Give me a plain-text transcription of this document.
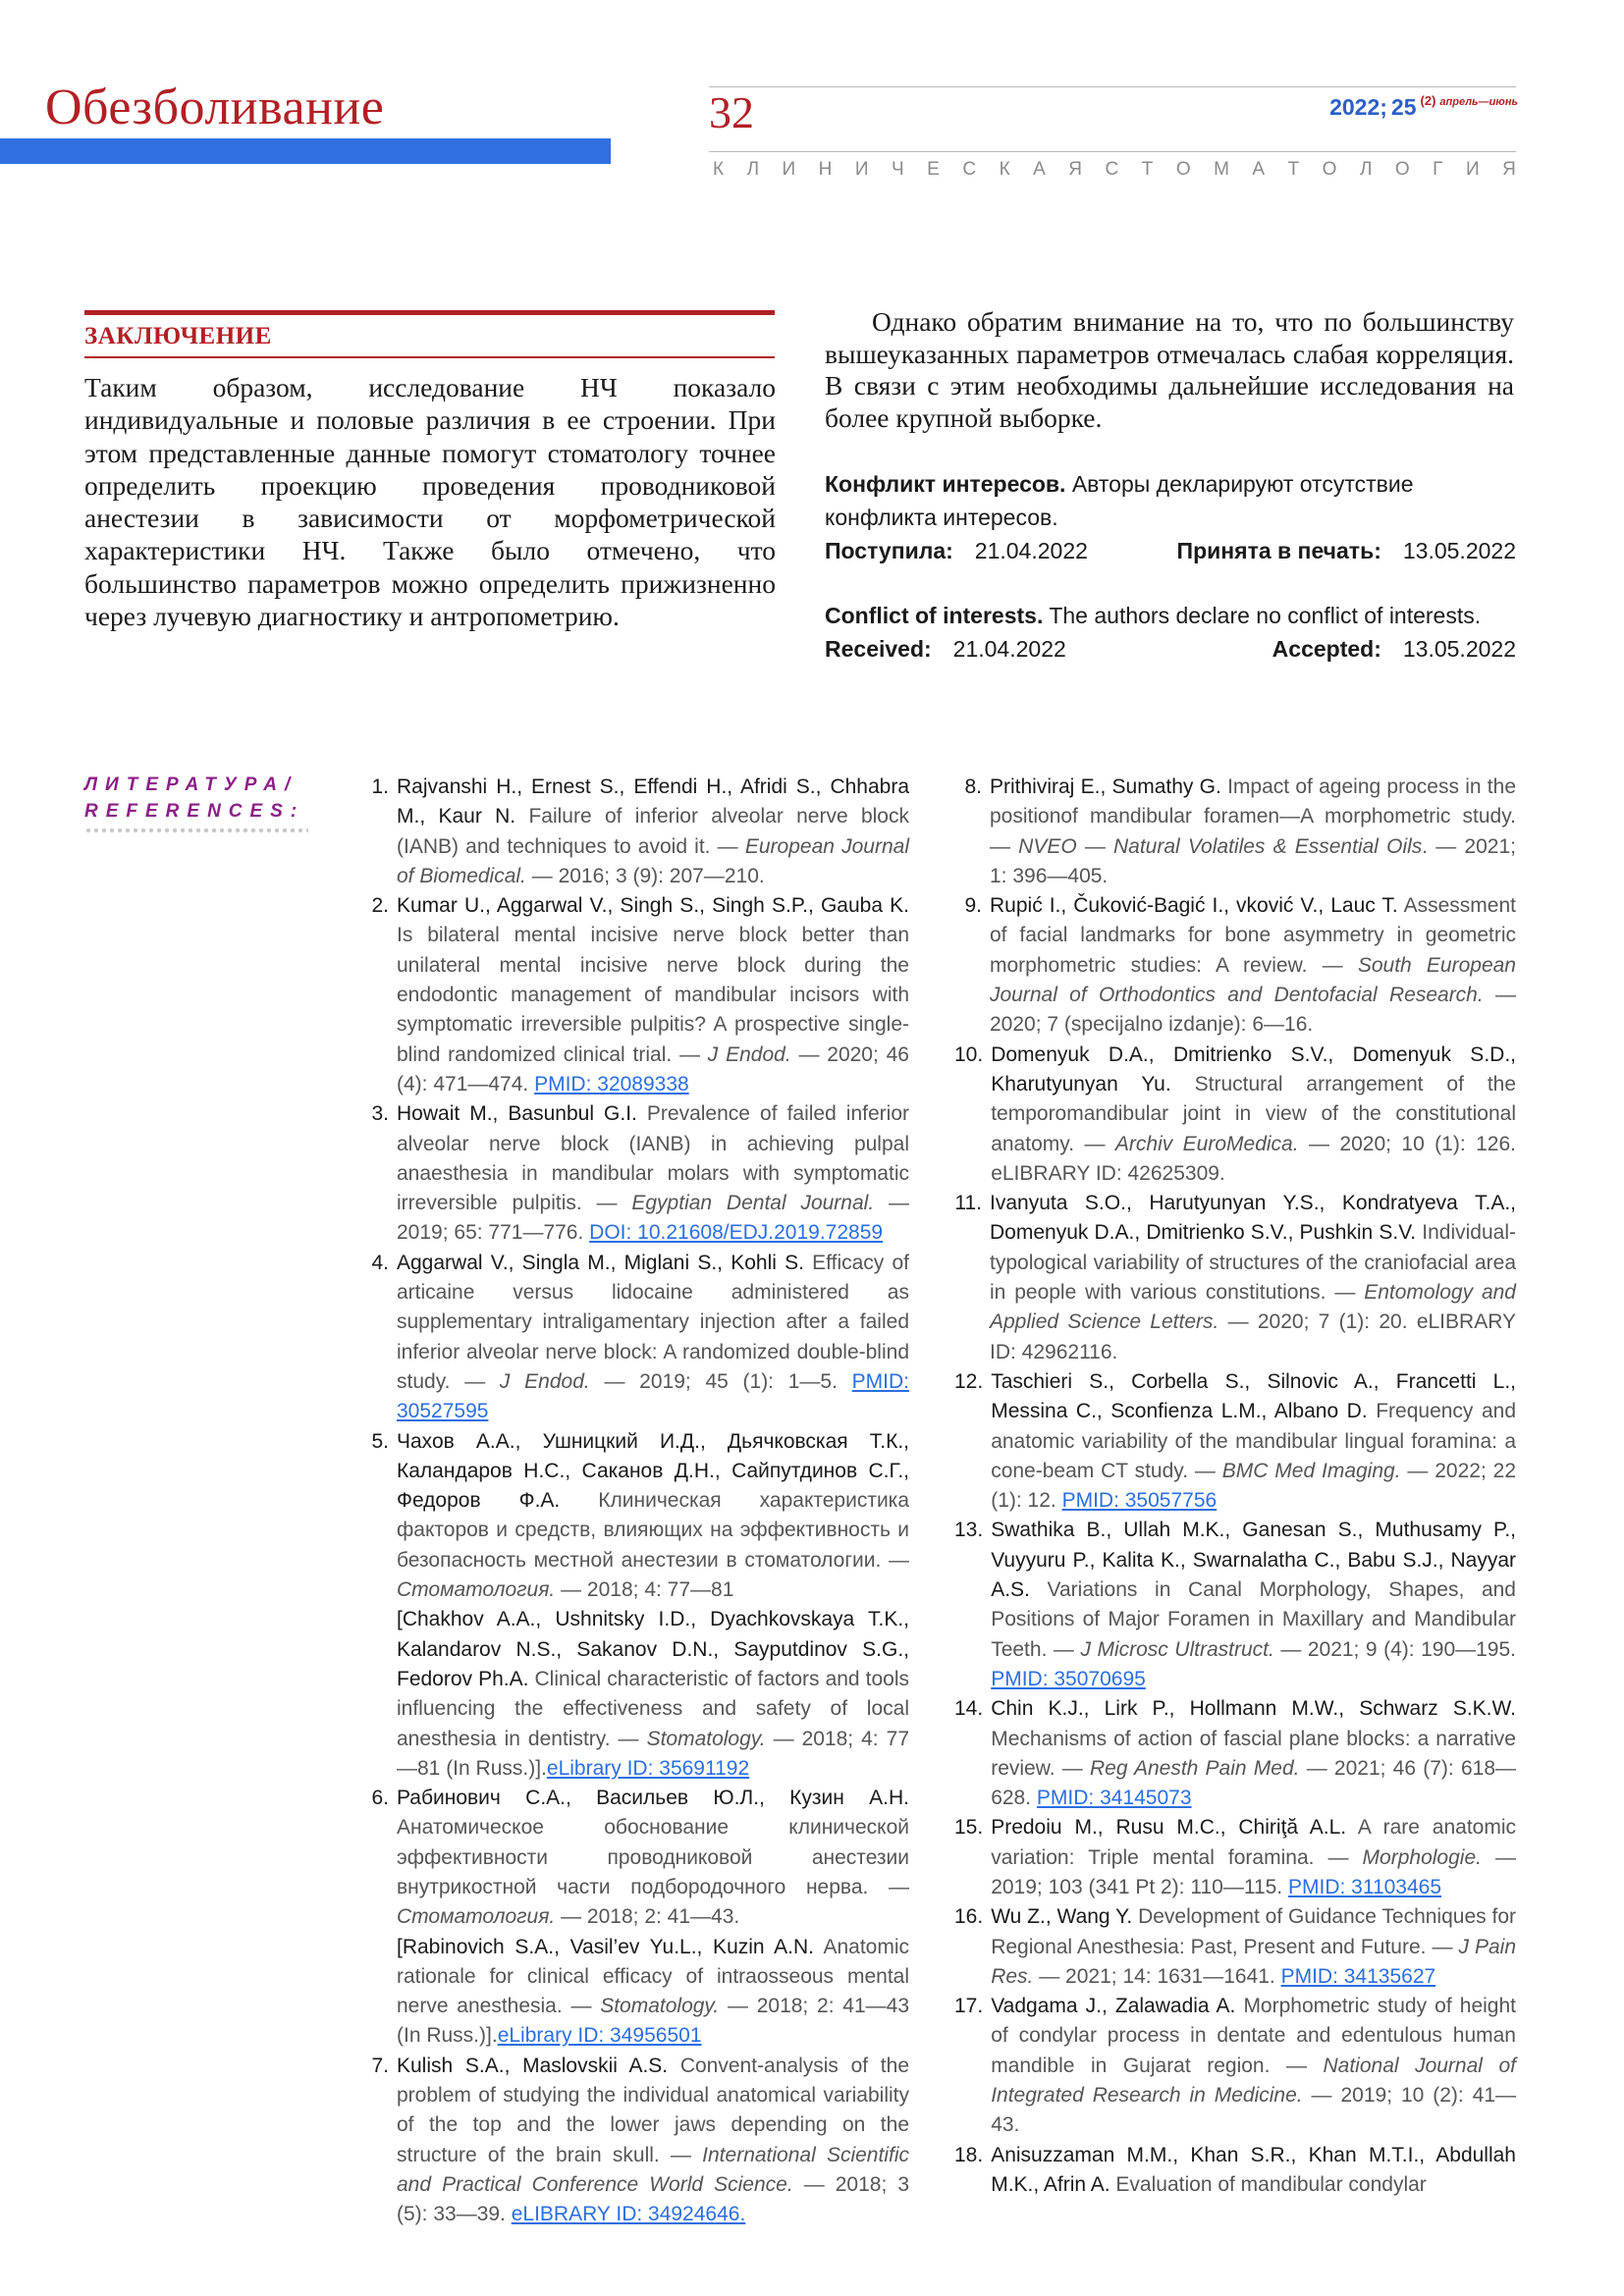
Обезболивание	32	2022; 25 (2) апрель—июнь
К Л И Н И Ч Е С К А Я С Т О М А Т О Л О Г И Я
ЗАКЛЮЧЕНИЕ
Таким образом, исследование НЧ показало индивидуальные и половые различия в ее строении. При этом представленные данные помогут стоматологу точнее определить проекцию проведения проводниковой анестезии в зависимости от морфометрической характеристики НЧ. Также было отмечено, что большинство параметров можно определить прижизненно через лучевую диагностику и антропометрию.
Однако обратим внимание на то, что по большинству вышеуказанных параметров отмечалась слабая корреляция. В связи с этим необходимы дальнейшие исследования на более крупной выборке.
Конфликт интересов. Авторы декларируют отсутствие конфликта интересов.
Поступила: 21.04.2022	Принята в печать: 13.05.2022
Conflict of interests. The authors declare no conflict of interests.
Received: 21.04.2022	Accepted: 13.05.2022
ЛИТЕРАТУРА/
REFERENCES:
1. Rajvanshi H., Ernest S., Effendi H., Afridi S., Chhabra M., Kaur N. Failure of inferior alveolar nerve block (IANB) and techniques to avoid it. — European Journal of Biomedical. — 2016; 3 (9): 207—210.
2. Kumar U., Aggarwal V., Singh S., Singh S.P., Gauba K. Is bilateral mental incisive nerve block better than unilateral mental incisive nerve block during the endodontic management of mandibular incisors with symptomatic irreversible pulpitis? A prospective single-blind randomized clinical trial. — J Endod. — 2020; 46 (4): 471—474. PMID: 32089338
3. Howait M., Basunbul G.I. Prevalence of failed inferior alveolar nerve block (IANB) in achieving pulpal anaesthesia in mandibular molars with symptomatic irreversible pulpitis. — Egyptian Dental Journal. — 2019; 65: 771—776. DOI: 10.21608/EDJ.2019.72859
4. Aggarwal V., Singla M., Miglani S., Kohli S. Efficacy of articaine versus lidocaine administered as supplementary intraligamentary injection after a failed inferior alveolar nerve block: A randomized double-blind study. — J Endod. — 2019; 45 (1): 1—5. PMID: 30527595
5. Чахов А.А., Ушницкий И.Д., Дьячковская Т.К., Каландаров Н.С., Саканов Д.Н., Сайпутдинов С.Г., Федоров Ф.А. Клиническая характеристика факторов и средств, влияющих на эффективность и безопасность местной анестезии в стоматологии. — Стоматология. — 2018; 4: 77—81
[Chakhov A.A., Ushnitsky I.D., Dyachkovskaya T.K., Kalandarov N.S., Sakanov D.N., Sayputdinov S.G., Fedorov Ph.A. Clinical characteristic of factors and tools influencing the effectiveness and safety of local anesthesia in dentistry. — Stomatology. — 2018; 4: 77—81 (In Russ.)].eLibrary ID: 35691192
6. Рабинович С.А., Васильев Ю.Л., Кузин А.Н. Анатомическое обоснование клинической эффективности проводниковой анестезии внутрикостной части подбородочного нерва. — Стоматология. — 2018; 2: 41—43.
[Rabinovich S.A., Vasil’ev Yu.L., Kuzin A.N. Anatomic rationale for clinical efficacy of intraosseous mental nerve anesthesia. — Stomatology. — 2018; 2: 41—43 (In Russ.)].eLibrary ID: 34956501
7. Kulish S.A., Maslovskii A.S. Convent-analysis of the problem of studying the individual anatomical variability of the top and the lower jaws depending on the structure of the brain skull. — International Scientific and Practical Conference World Science. — 2018; 3 (5): 33—39. eLIBRARY ID: 34924646.
8. Prithiviraj E., Sumathy G. Impact of ageing process in the positionof mandibular foramen—A morphometric study. — NVEO — Natural Volatiles & Essential Oils. — 2021; 1: 396—405.
9. Rupić I., Čuković-Bagić I., vković V., Lauc T. Assessment of facial landmarks for bone asymmetry in geometric morphometric studies: A review. — South European Journal of Orthodontics and Dentofacial Research. — 2020; 7 (specijalno izdanje): 6—16.
10. Domenyuk D.A., Dmitrienko S.V., Domenyuk S.D., Kharutyunyan Yu. Structural arrangement of the temporomandibular joint in view of the constitutional anatomy. — Archiv EuroMedica. — 2020; 10 (1): 126. eLIBRARY ID: 42625309.
11. Ivanyuta S.O., Harutyunyan Y.S., Kondratyeva T.A., Domenyuk D.A., Dmitrienko S.V., Pushkin S.V. Individual-typological variability of structures of the craniofacial area in people with various constitutions. — Entomology and Applied Science Letters. — 2020; 7 (1): 20. eLIBRARY ID: 42962116.
12. Taschieri S., Corbella S., Silnovic A., Francetti L., Messina C., Sconfienza L.M., Albano D. Frequency and anatomic variability of the mandibular lingual foramina: a cone-beam CT study. — BMC Med Imaging. — 2022; 22 (1): 12. PMID: 35057756
13. Swathika B., Ullah M.K., Ganesan S., Muthusamy P., Vuyyuru P., Kalita K., Swarnalatha C., Babu S.J., Nayyar A.S. Variations in Canal Morphology, Shapes, and Positions of Major Foramen in Maxillary and Mandibular Teeth. — J Microsc Ultrastruct. — 2021; 9 (4): 190—195. PMID: 35070695
14. Chin K.J., Lirk P., Hollmann M.W., Schwarz S.K.W. Mechanisms of action of fascial plane blocks: a narrative review. — Reg Anesth Pain Med. — 2021; 46 (7): 618—628. PMID: 34145073
15. Predoiu M., Rusu M.C., Chiriţă A.L. A rare anatomic variation: Triple mental foramina. — Morphologie. — 2019; 103 (341 Pt 2): 110—115. PMID: 31103465
16. Wu Z., Wang Y. Development of Guidance Techniques for Regional Anesthesia: Past, Present and Future. — J Pain Res. — 2021; 14: 1631—1641. PMID: 34135627
17. Vadgama J., Zalawadia A. Morphometric study of height of condylar process in dentate and edentulous human mandible in Gujarat region. — National Journal of Integrated Research in Medicine. — 2019; 10 (2): 41—43.
18. Anisuzzaman M.M., Khan S.R., Khan M.T.I., Abdullah M.K., Afrin A. Evaluation of mandibular condylar
